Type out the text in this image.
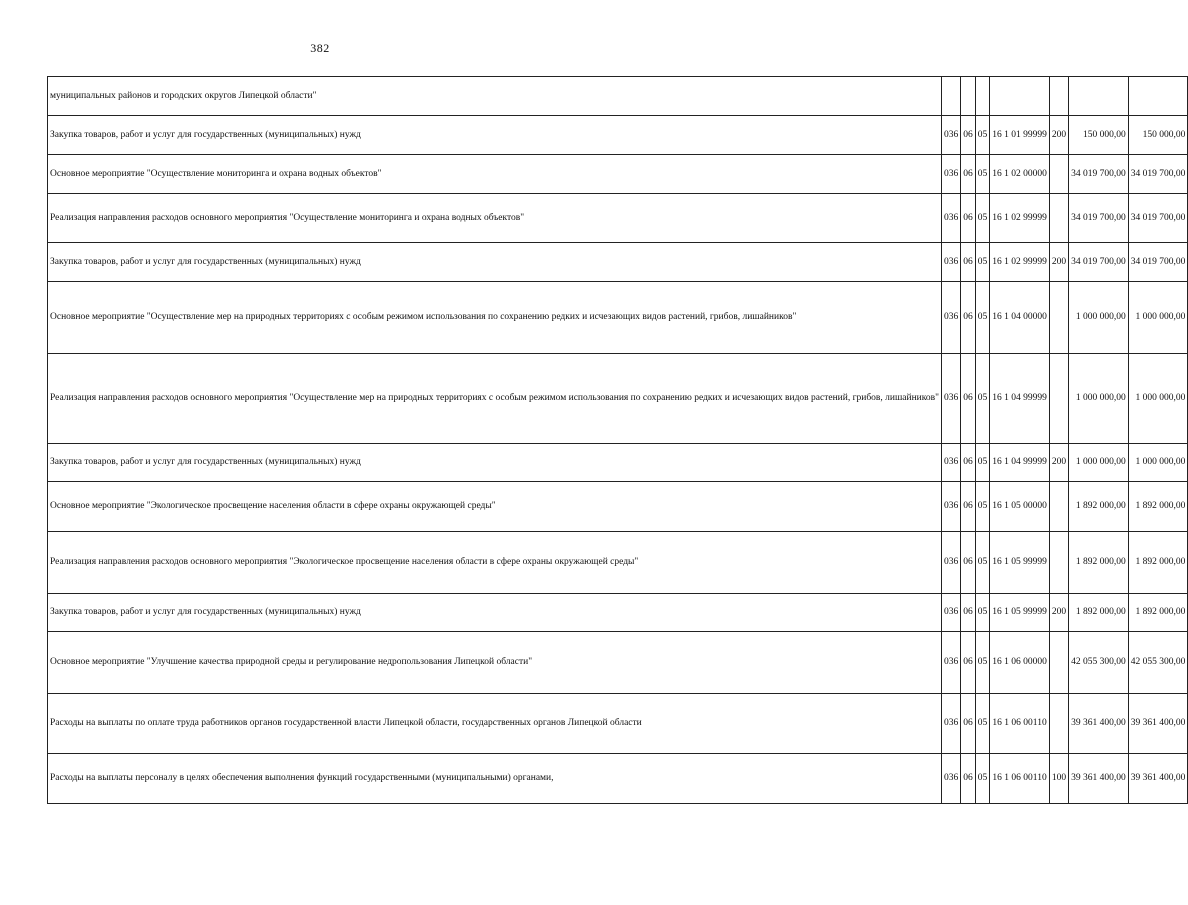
382
муниципальных районов и городских округов Липецкой области"							
Закупка товаров, работ и услуг для государственных (муниципальных) нужд	036	06	05	16 1 01 99999	200	150 000,00	150 000,00
Основное мероприятие "Осуществление мониторинга и охрана водных объектов"	036	06	05	16 1 02 00000		34 019 700,00	34 019 700,00
Реализация направления расходов основного мероприятия "Осуществление мониторинга и охрана водных объектов"	036	06	05	16 1 02 99999		34 019 700,00	34 019 700,00
Закупка товаров, работ и услуг для государственных (муниципальных) нужд	036	06	05	16 1 02 99999	200	34 019 700,00	34 019 700,00
Основное мероприятие "Осуществление мер на природных территориях с особым режимом использования по сохранению редких и исчезающих видов растений, грибов, лишайников"	036	06	05	16 1 04 00000		1 000 000,00	1 000 000,00
Реализация направления расходов основного мероприятия "Осуществление мер на природных территориях с особым режимом использования по сохранению редких и исчезающих видов растений, грибов, лишайников"	036	06	05	16 1 04 99999		1 000 000,00	1 000 000,00
Закупка товаров, работ и услуг для государственных (муниципальных) нужд	036	06	05	16 1 04 99999	200	1 000 000,00	1 000 000,00
Основное мероприятие "Экологическое просвещение населения области в сфере охраны окружающей среды"	036	06	05	16 1 05 00000		1 892 000,00	1 892 000,00
Реализация направления расходов основного мероприятия "Экологическое просвещение населения области в сфере охраны окружающей среды"	036	06	05	16 1 05 99999		1 892 000,00	1 892 000,00
Закупка товаров, работ и услуг для государственных (муниципальных) нужд	036	06	05	16 1 05 99999	200	1 892 000,00	1 892 000,00
Основное мероприятие "Улучшение качества природной среды и регулирование недропользования Липецкой области"	036	06	05	16 1 06 00000		42 055 300,00	42 055 300,00
Расходы на выплаты по оплате труда работников органов государственной власти Липецкой области, государственных органов Липецкой области	036	06	05	16 1 06 00110		39 361 400,00	39 361 400,00
Расходы на выплаты персоналу в целях обеспечения выполнения функций государственными (муниципальными) органами,	036	06	05	16 1 06 00110	100	39 361 400,00	39 361 400,00
